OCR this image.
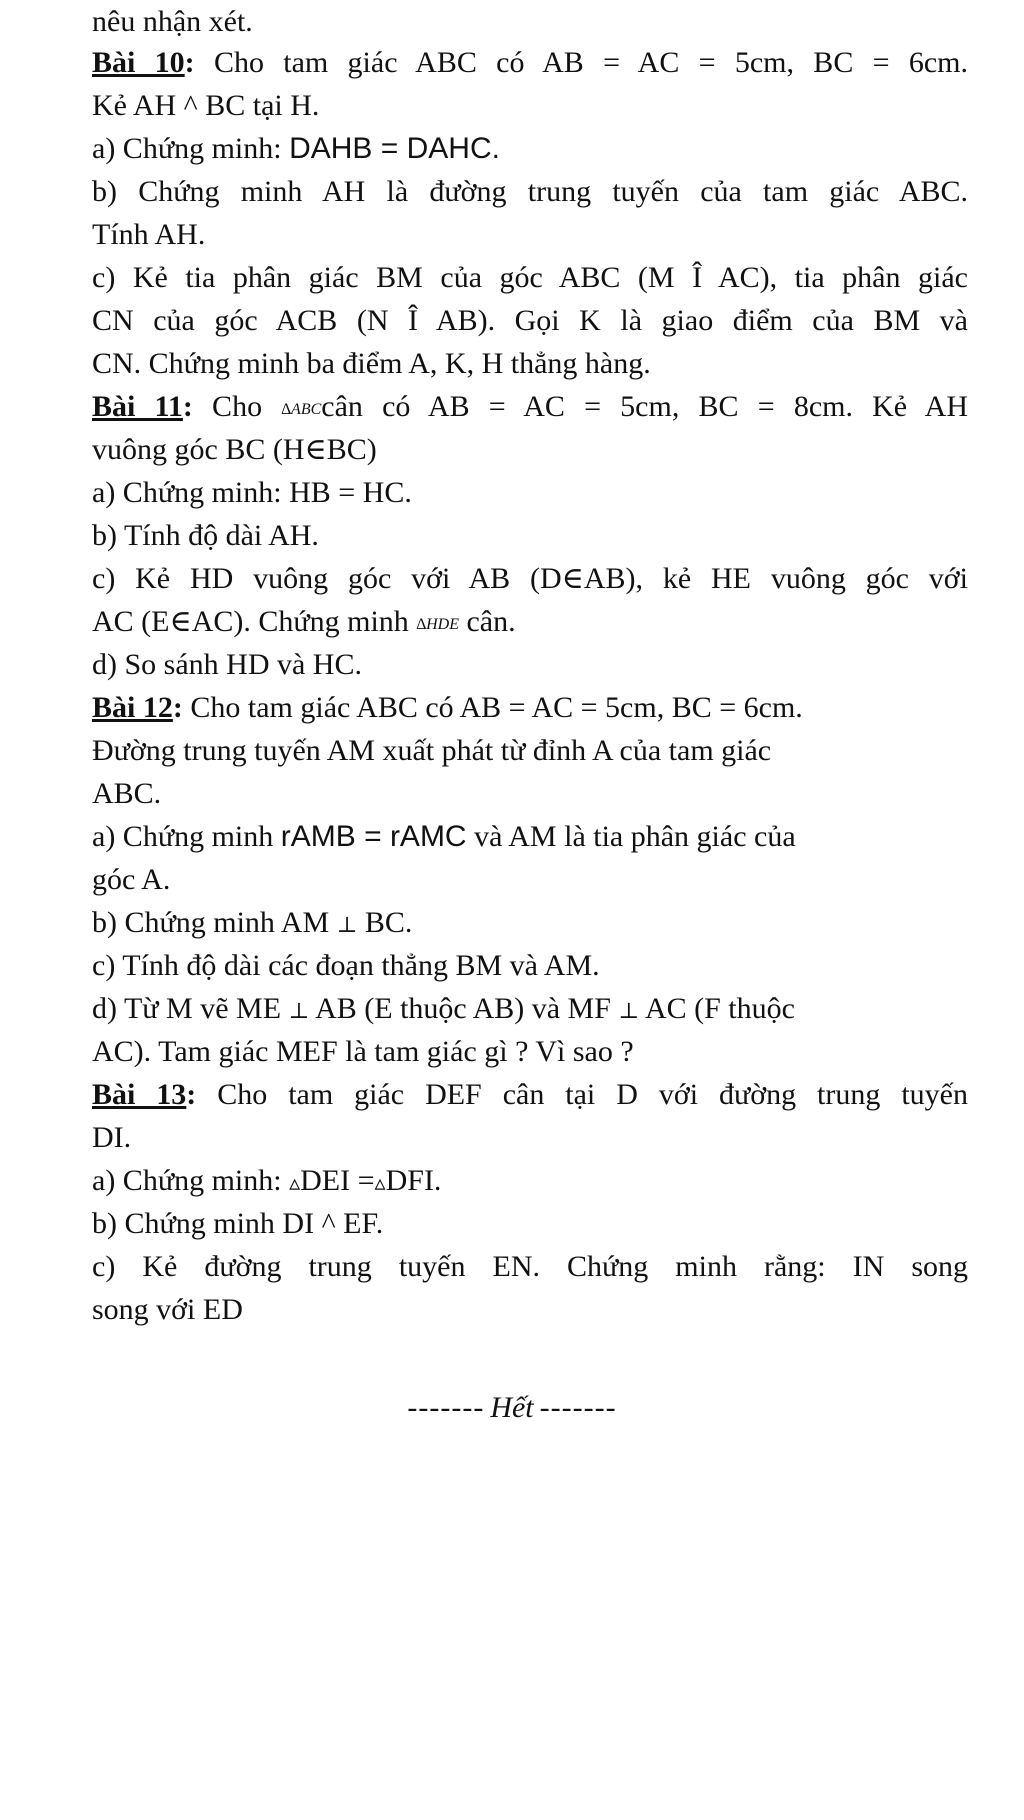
nêu nhận xét.
Bài 10: Cho tam giác ABC có AB = AC = 5cm, BC = 6cm.
Kẻ AH ^ BC tại H.
a) Chứng minh: DAHB = DAHC.
b) Chứng minh AH là đường trung tuyến của tam giác ABC.
Tính AH.
c) Kẻ tia phân giác BM của góc ABC (M Î AC), tia phân giác
CN của góc ACB (N Î AB). Gọi K là giao điểm của BM và
CN. Chứng minh ba điểm A, K, H thẳng hàng.
Bài 11: Cho ∆ABCcân có AB = AC = 5cm, BC = 8cm. Kẻ AH
vuông góc BC (H∈BC)
a) Chứng minh: HB = HC.
b) Tính độ dài AH.
c) Kẻ HD vuông góc với AB (D∈AB), kẻ HE vuông góc với
AC (E∈AC). Chứng minh ∆HDE cân.
d) So sánh HD và HC.
Bài 12: Cho tam giác ABC có AB = AC = 5cm, BC = 6cm.
Đường trung tuyến AM xuất phát từ đỉnh A của tam giác
ABC.
a) Chứng minh rAMB = rAMC và AM là tia phân giác của
góc A.
b) Chứng minh AM ⊥ BC.
c) Tính độ dài các đoạn thẳng BM và AM.
d) Từ M vẽ ME ⊥ AB (E thuộc AB) và MF ⊥ AC (F thuộc
AC). Tam giác MEF là tam giác gì ? Vì sao ?
Bài 13: Cho tam giác DEF cân tại D với đường trung tuyến
DI.
a) Chứng minh: ▵DEI =▵DFI.
b) Chứng minh DI ^ EF.
c) Kẻ đường trung tuyến EN. Chứng minh rằng: IN song
song với ED
------- Hết -------
